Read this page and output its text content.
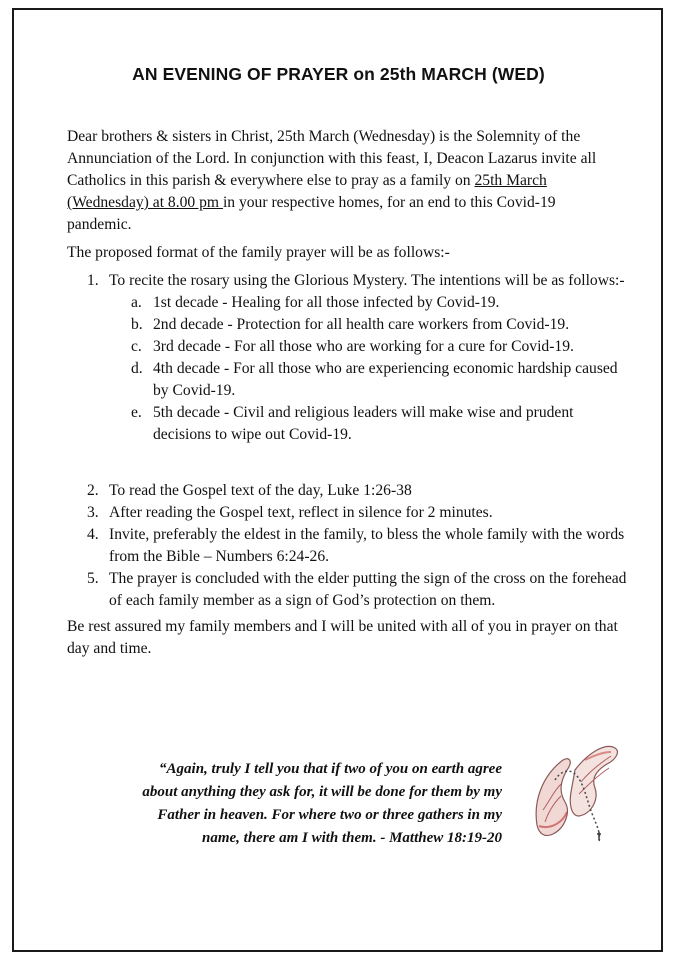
AN EVENING OF PRAYER on 25th MARCH (WED)
Dear brothers & sisters in Christ, 25th March (Wednesday) is the Solemnity of the Annunciation of the Lord. In conjunction with this feast, I, Deacon Lazarus invite all Catholics in this parish & everywhere else to pray as a family on 25th March (Wednesday) at 8.00 pm in your respective homes, for an end to this Covid-19 pandemic.
The proposed format of the family prayer will be as follows:-
1. To recite the rosary using the Glorious Mystery. The intentions will be as follows:-
a. 1st decade - Healing for all those infected by Covid-19.
b. 2nd decade - Protection for all health care workers from Covid-19.
c. 3rd decade - For all those who are working for a cure for Covid-19.
d. 4th decade - For all those who are experiencing economic hardship caused by Covid-19.
e. 5th decade - Civil and religious leaders will make wise and prudent decisions to wipe out Covid-19.
2. To read the Gospel text of the day, Luke 1:26-38
3. After reading the Gospel text, reflect in silence for 2 minutes.
4. Invite, preferably the eldest in the family, to bless the whole family with the words from the Bible – Numbers 6:24-26.
5. The prayer is concluded with the elder putting the sign of the cross on the forehead of each family member as a sign of God’s protection on them.
Be rest assured my family members and I will be united with all of you in prayer on that day and time.
“Again, truly I tell you that if two of you on earth agree
about anything they ask for, it will be done for them by my
Father in heaven. For where two or three gathers in my
name, there am I with them. - Matthew 18:19-20
